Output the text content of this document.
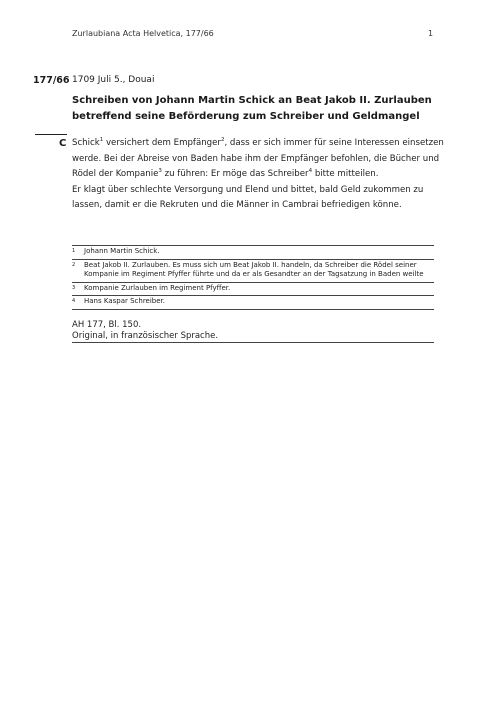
Zurlaubiana Acta Helvetica, 177/66	1
177/66 1709 Juli 5., Douai
Schreiben von Johann Martin Schick an Beat Jakob II. Zurlauben betreffend seine Beförderung zum Schreiber und Geldmangel
C Schick$^1$ versichert dem Empfänger$^2$, dass er sich immer für seine Interessen einsetzen werde. Bei der Abreise von Baden habe ihm der Empfänger befohlen, die Bücher und Rödel der Kompanie$^3$ zu führen: Er möge das Schreiber$^4$ bitte mitteilen.

Er klagt über schlechte Versorgung und Elend und bittet, bald Geld zukommen zu lassen, damit er die Rekruten und die Männer in Cambrai befriedigen könne.

1 Johann Martin Schick.
2 Beat Jakob II. Zurlauben. Es muss sich um Beat Jakob II. handeln, da Schreiber die Rödel seiner Kompanie im Regiment Pfyffer führte und da er als Gesandter an der Tagsatzung in Baden weilte
3 Kompanie Zurlauben im Regiment Pfyffer.
4 Hans Kaspar Schreiber.
AH 177, Bl. 150.
Original, in französischer Sprache.
